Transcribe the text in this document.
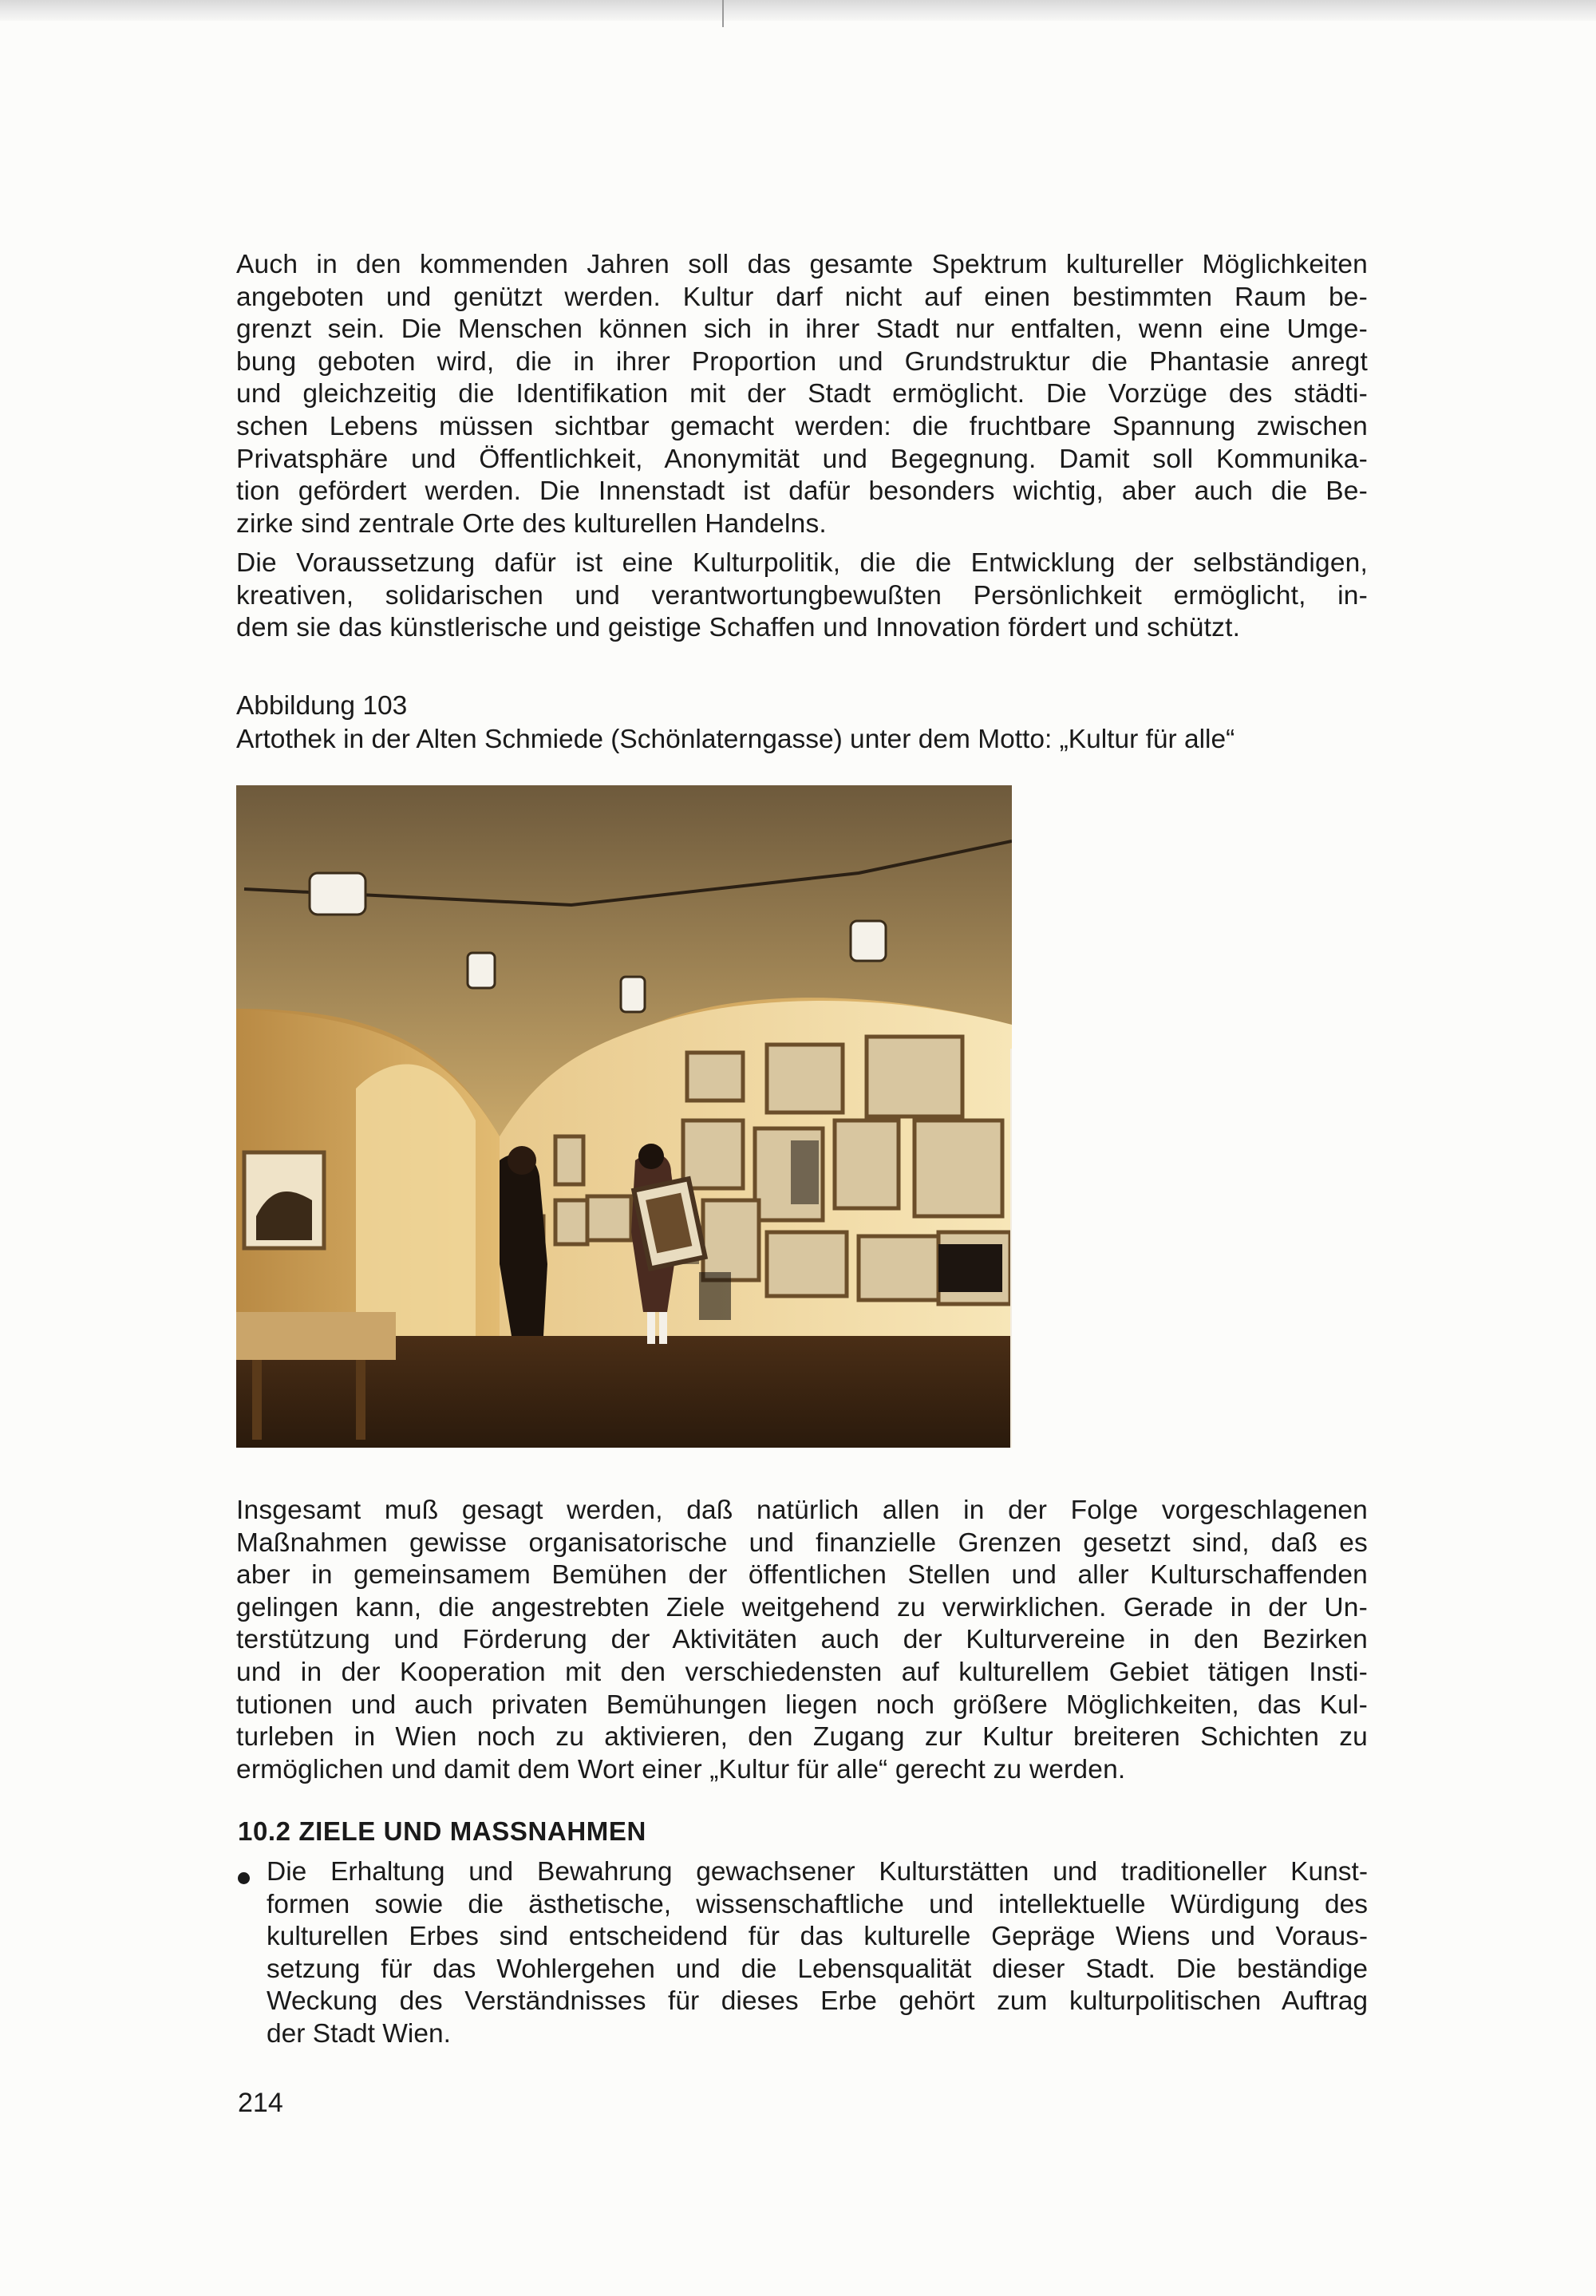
Auch in den kommenden Jahren soll das gesamte Spektrum kultureller Möglichkeiten
angeboten und genützt werden. Kultur darf nicht auf einen bestimmten Raum be-
grenzt sein. Die Menschen können sich in ihrer Stadt nur entfalten, wenn eine Umge-
bung geboten wird, die in ihrer Proportion und Grundstruktur die Phantasie anregt
und gleichzeitig die Identifikation mit der Stadt ermöglicht. Die Vorzüge des städti-
schen Lebens müssen sichtbar gemacht werden: die fruchtbare Spannung zwischen
Privatsphäre und Öffentlichkeit, Anonymität und Begegnung. Damit soll Kommunika-
tion gefördert werden. Die Innenstadt ist dafür besonders wichtig, aber auch die Be-
zirke sind zentrale Orte des kulturellen Handelns.
Die Voraussetzung dafür ist eine Kulturpolitik, die die Entwicklung der selbständigen,
kreativen, solidarischen und verantwortungbewußten Persönlichkeit ermöglicht, in-
dem sie das künstlerische und geistige Schaffen und Innovation fördert und schützt.
Abbildung 103
Artothek in der Alten Schmiede (Schönlaterngasse) unter dem Motto: „Kultur für alle“
Insgesamt muß gesagt werden, daß natürlich allen in der Folge vorgeschlagenen
Maßnahmen gewisse organisatorische und finanzielle Grenzen gesetzt sind, daß es
aber in gemeinsamem Bemühen der öffentlichen Stellen und aller Kulturschaffenden
gelingen kann, die angestrebten Ziele weitgehend zu verwirklichen. Gerade in der Un-
terstützung und Förderung der Aktivitäten auch der Kulturvereine in den Bezirken
und in der Kooperation mit den verschiedensten auf kulturellem Gebiet tätigen Insti-
tutionen und auch privaten Bemühungen liegen noch größere Möglichkeiten, das Kul-
turleben in Wien noch zu aktivieren, den Zugang zur Kultur breiteren Schichten zu
ermöglichen und damit dem Wort einer „Kultur für alle“ gerecht zu werden.
10.2 ZIELE UND MASSNAHMEN
Die Erhaltung und Bewahrung gewachsener Kulturstätten und traditioneller Kunst-
formen sowie die ästhetische, wissenschaftliche und intellektuelle Würdigung des
kulturellen Erbes sind entscheidend für das kulturelle Gepräge Wiens und Voraus-
setzung für das Wohlergehen und die Lebensqualität dieser Stadt. Die beständige
Weckung des Verständnisses für dieses Erbe gehört zum kulturpolitischen Auftrag
der Stadt Wien.
214
